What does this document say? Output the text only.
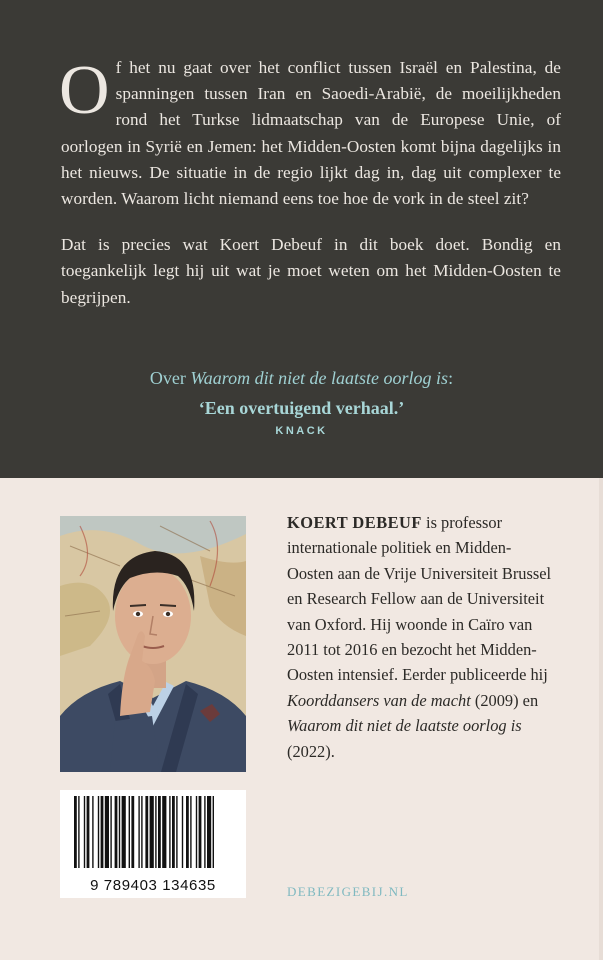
Of het nu gaat over het conflict tussen Israël en Palestina, de spanningen tussen Iran en Saoedi-Arabië, de moeilijkheden rond het Turkse lidmaatschap van de Europese Unie, of oorlogen in Syrië en Jemen: het Midden-Oosten komt bijna dagelijks in het nieuws. De situatie in de regio lijkt dag in, dag uit complexer te worden. Waarom licht niemand eens toe hoe de vork in de steel zit?

Dat is precies wat Koert Debeuf in dit boek doet. Bondig en toegankelijk legt hij uit wat je moet weten om het Midden-Oosten te begrijpen.

Over Waarom dit niet de laatste oorlog is:
‘Een overtuigend verhaal.’
KNACK
KOERT DEBEUF is professor internationale politiek en Midden-Oosten aan de Vrije Universiteit Brussel en Research Fellow aan de Universiteit van Oxford. Hij woonde in Caïro van 2011 tot 2016 en bezocht het Midden-Oosten intensief. Eerder publiceerde hij Koorddansers van de macht (2009) en Waarom dit niet de laatste oorlog is (2022).
9 789403 134635	DEBEZIGEBIJ.NL
